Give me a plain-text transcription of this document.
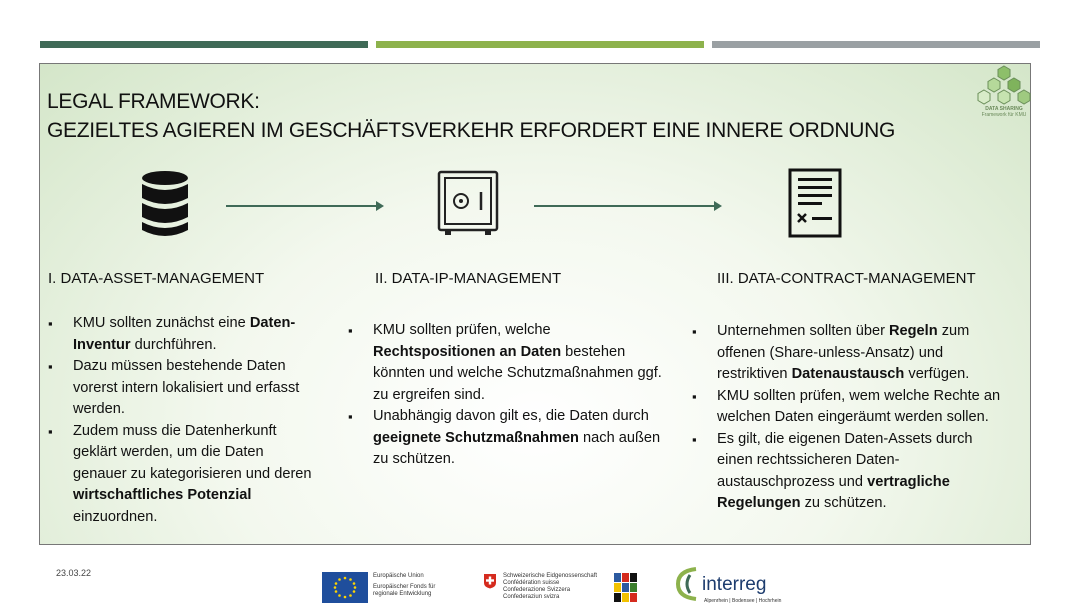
LEGAL FRAMEWORK:
GEZIELTES AGIEREN IM GESCHÄFTSVERKEHR ERFORDERT EINE INNERE ORDNUNG
DATA SHARING
Framework für KMU
I. DATA-ASSET-MANAGEMENT	II. DATA-IP-MANAGEMENT	III. DATA-CONTRACT-MANAGEMENT
▪ KMU sollten zunächst eine Daten-Inventur durchführen.
▪ Dazu müssen bestehende Daten vorerst intern lokalisiert und erfasst werden.
▪ Zudem muss die Datenherkunft geklärt werden, um die Daten genauer zu kategorisieren und deren wirtschaftliches Potenzial einzuordnen.
▪ KMU sollten prüfen, welche Rechtspositionen an Daten bestehen könnten und welche Schutzmaßnahmen ggf. zu ergreifen sind.
▪ Unabhängig davon gilt es, die Daten durch geeignete Schutzmaßnahmen nach außen zu schützen.
▪ Unternehmen sollten über Regeln zum offenen (Share-unless-Ansatz) und restriktiven Datenaustausch verfügen.
▪ KMU sollten prüfen, wem welche Rechte an welchen Daten eingeräumt werden sollen.
▪ Es gilt, die eigenen Daten-Assets durch einen rechtssicheren Daten-austauschprozess und vertragliche Regelungen zu schützen.
23.03.22	Europäische Union
Europäischer Fonds für
regionale Entwicklung
Schweizerische Eidgenossenschaft
Confédération suisse
Confederazione Svizzera
Confederaziun svizra
interreg
Alpenrhein | Bodensee | Hochrhein
